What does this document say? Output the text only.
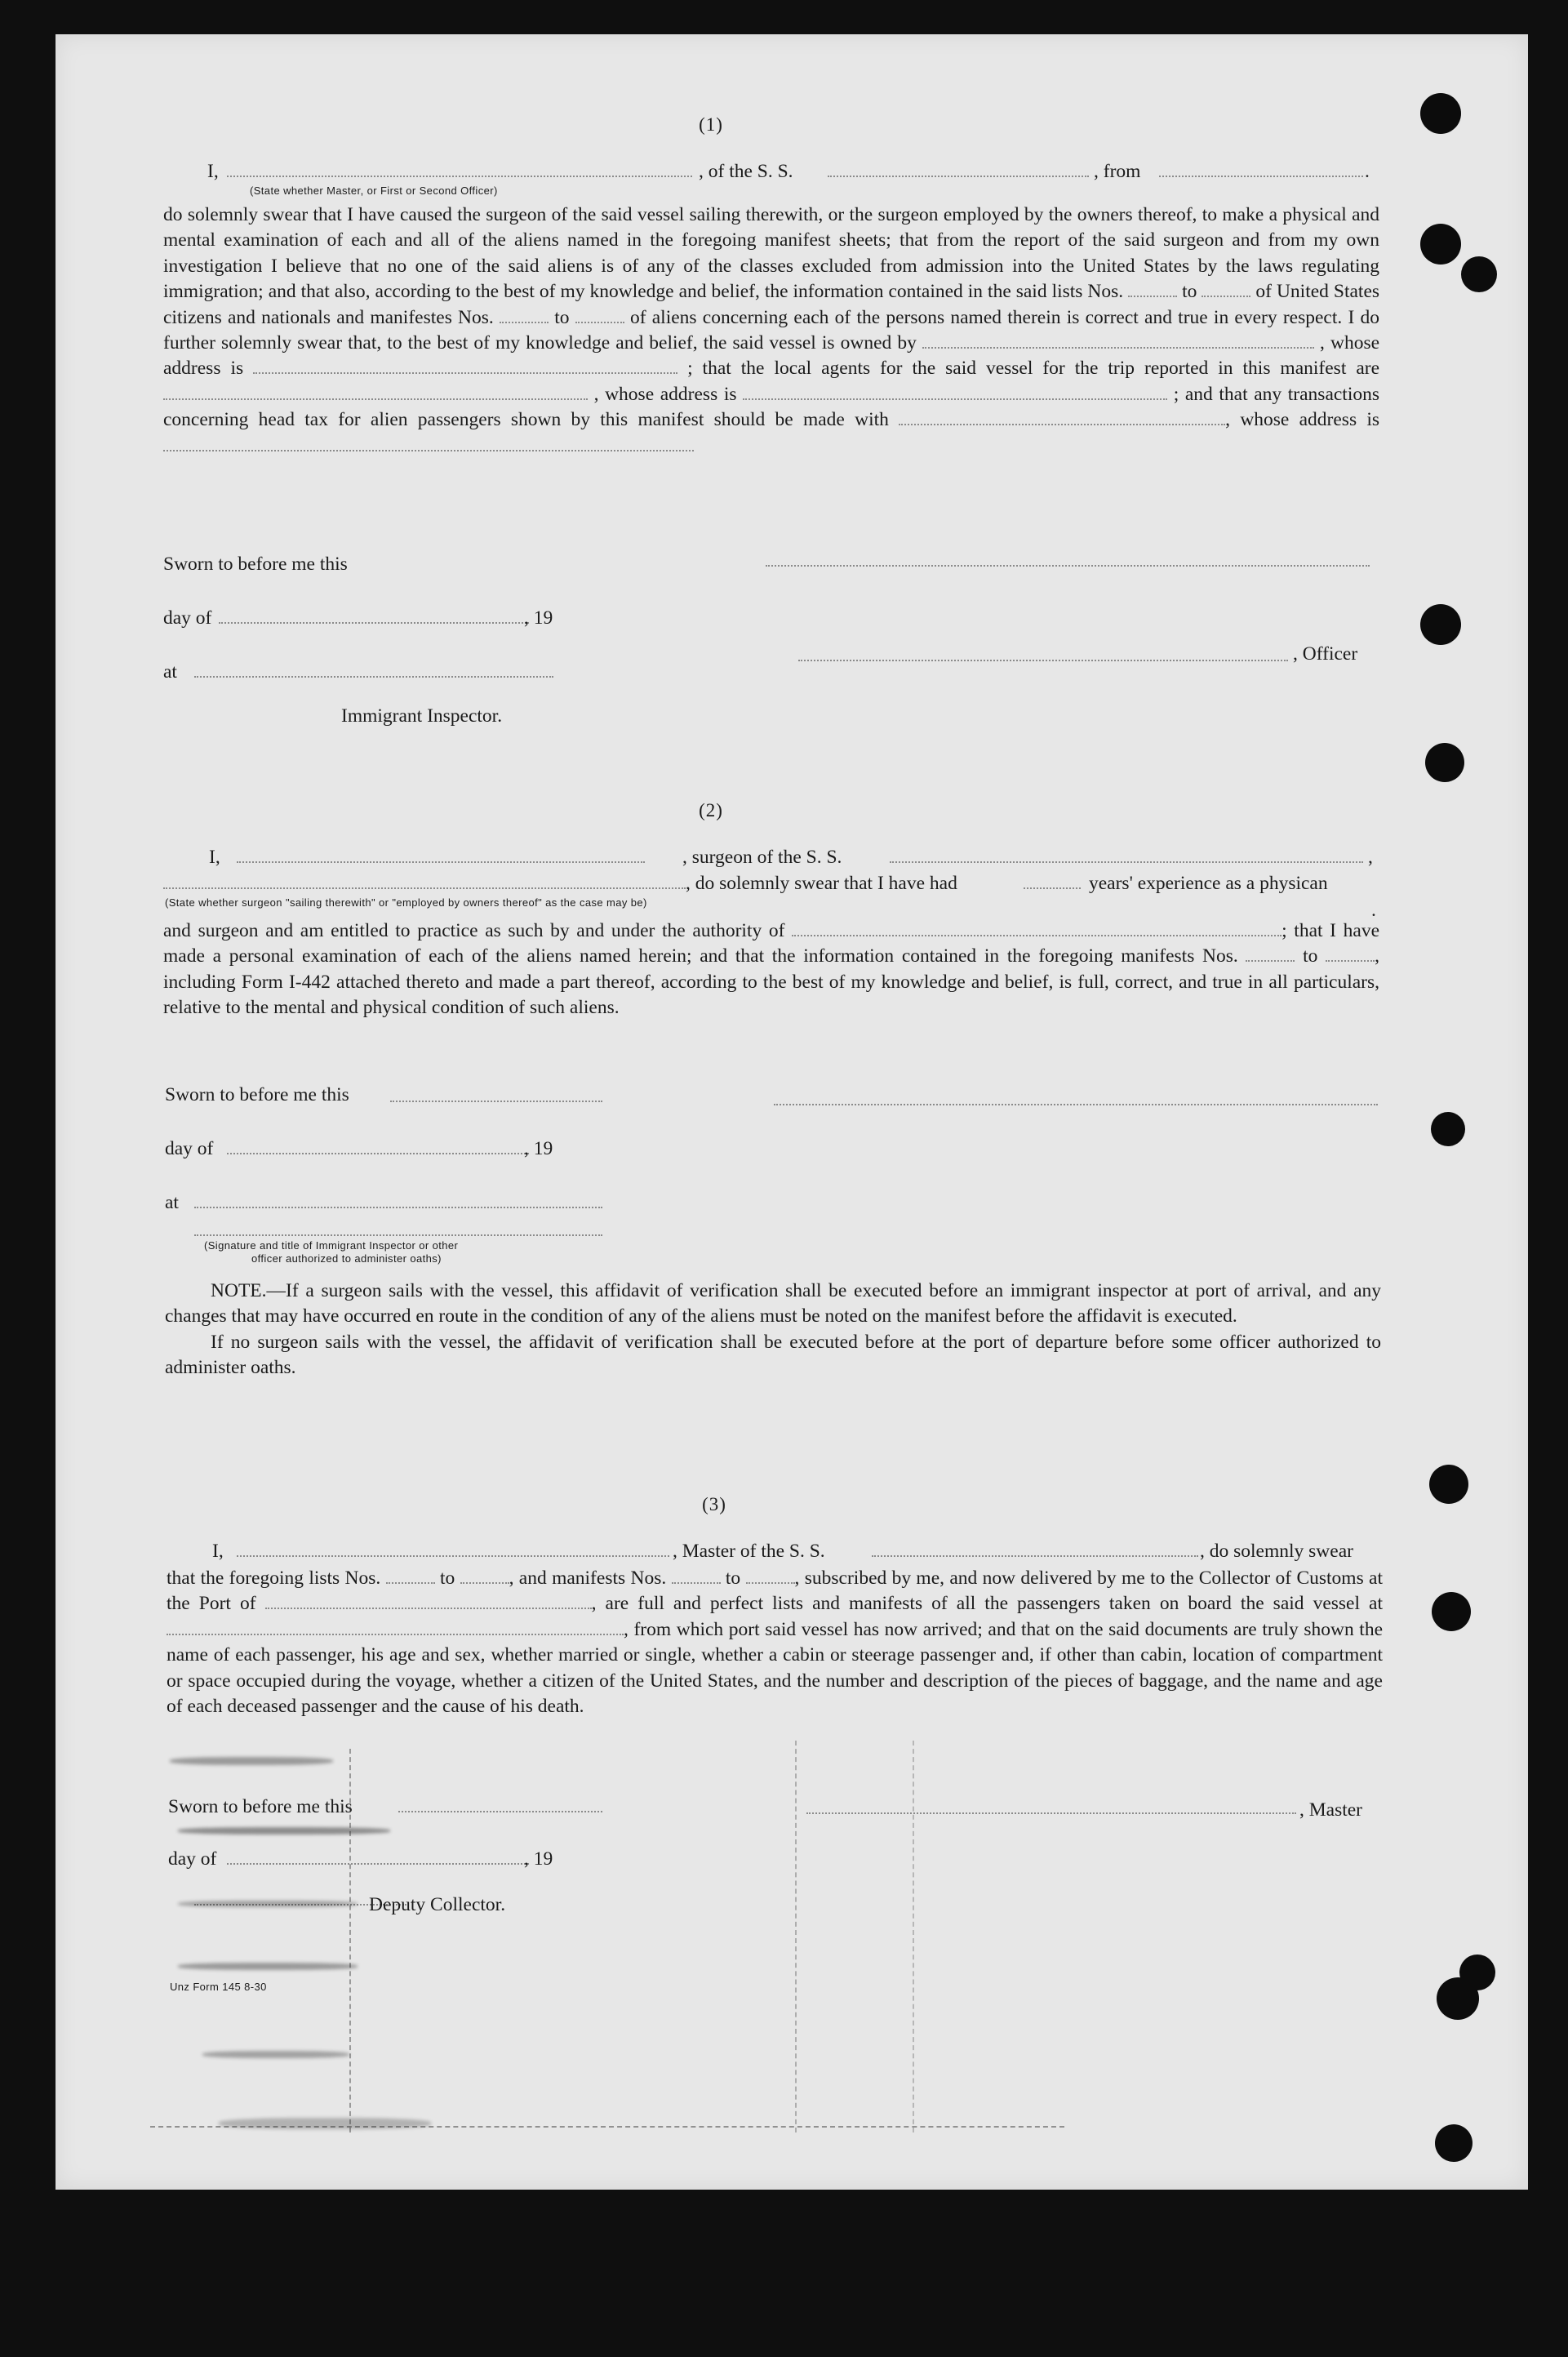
(1)
I,	, of the S. S.	, from	.
(State whether Master, or First or Second Officer)

do solemnly swear that I have caused the surgeon of the said vessel sailing therewith, or the surgeon employed by the owners thereof, to make a physical and mental examination of each and all of the aliens named in the foregoing manifest sheets; that from the report of the said surgeon and from my own investigation I believe that no one of the said aliens is of any of the classes excluded from admission into the United States by the laws regulating immigration; and that also, according to the best of my knowledge and belief, the information contained in the said lists Nos.	to	of United States citizens and nationals and manifestes Nos.	to	of aliens concerning each of the persons named therein is correct and true in every respect. I do further solemnly swear that, to the best of my knowledge and belief, the said vessel is owned by	, whose address is	; that the local agents for the said vessel for the trip reported in this manifest are  , whose address is	; and that any transactions concerning head tax for alien passengers shown by this manifest should be made with	, whose address is

Sworn to before me this
day of	, 19
at
, Officer
Immigrant Inspector.
(2)
I,	, surgeon of the S. S.	,
, do solemnly swear that I have had	years' experience as a physican
(State whether surgeon "sailing therewith" or "employed by owners thereof" as the case may be)	.

and surgeon and am entitled to practice as such by and under the authority of	; that I have made a personal examination of each of the aliens named herein; and that the information contained in the foregoing manifests Nos.	to	, including Form I-442 attached thereto and made a part thereof, according to the best of my knowledge and belief, is full, correct, and true in all particulars, relative to the mental and physical condition of such aliens.

Sworn to before me this
day of	, 19
at
(Signature and title of Immigrant Inspector or other
officer authorized to administer oaths)

NOTE.—If a surgeon sails with the vessel, this affidavit of verification shall be executed before an immigrant inspector at port of arrival, and any changes that may have occurred en route in the condition of any of the aliens must be noted on the manifest before the affidavit is executed.

If no surgeon sails with the vessel, the affidavit of verification shall be executed before at the port of departure before some officer authorized to administer oaths.

(3)
I,	, Master of the S. S.	, do solemnly swear

that the foregoing lists Nos.	to	, and manifests Nos.	to	, subscribed by me, and now delivered by me to the Collector of Customs at the Port of	, are full and perfect lists and manifests of all the passengers taken on board the said vessel at , from which port said vessel has now arrived; and that on the said documents are truly shown the name of each passenger, his age and sex, whether married or single, whether a cabin or steerage passenger and, if other than cabin, location of compartment or space occupied during the voyage, whether a citizen of the United States, and the number and description of the pieces of baggage, and the name and age of each deceased passenger and the cause of his death.

Sworn to before me this	, Master
day of	, 19
Deputy Collector.
Unz Form 145 8-30
